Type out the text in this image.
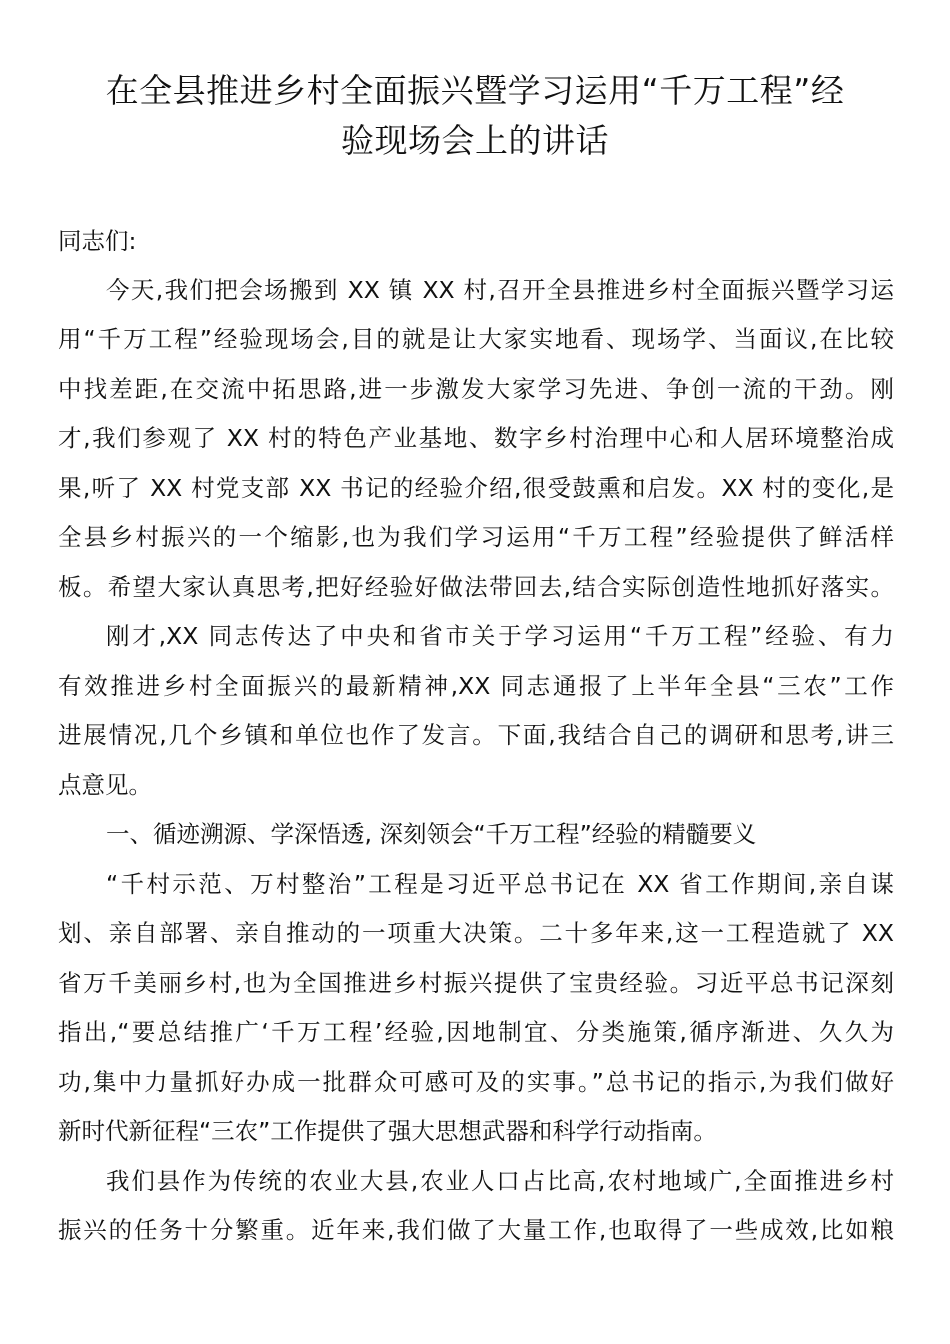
在全县推进乡村全面振兴暨学习运用“千万工程”经
验现场会上的讲话
同志们:
今天,我们把会场搬到 XX 镇 XX 村,召开全县推进乡村全面振兴暨学习运
用“千万工程”经验现场会,目的就是让大家实地看、现场学、当面议,在比较
中找差距,在交流中拓思路,进一步激发大家学习先进、争创一流的干劲。刚
才,我们参观了 XX 村的特色产业基地、数字乡村治理中心和人居环境整治成
果,听了 XX 村党支部 XX 书记的经验介绍,很受鼓熏和启发。XX 村的变化,是
全县乡村振兴的一个缩影,也为我们学习运用“千万工程”经验提供了鲜活样
板。希望大家认真思考,把好经验好做法带回去,结合实际创造性地抓好落实。
刚才,XX 同志传达了中央和省市关于学习运用“千万工程”经验、有力
有效推进乡村全面振兴的最新精神,XX 同志通报了上半年全县“三农”工作
进展情况,几个乡镇和单位也作了发言。下面,我结合自己的调研和思考,讲三
点意见。
一、循迹溯源、学深悟透, 深刻领会“千万工程”经验的精髓要义
“千村示范、万村整治”工程是习近平总书记在 XX 省工作期间,亲自谋
划、亲自部署、亲自推动的一项重大决策。二十多年来,这一工程造就了 XX
省万千美丽乡村,也为全国推进乡村振兴提供了宝贵经验。习近平总书记深刻
指出,“要总结推广‘千万工程’经验,因地制宜、分类施策,循序渐进、久久为
功,集中力量抓好办成一批群众可感可及的实事。”总书记的指示,为我们做好
新时代新征程“三农”工作提供了强大思想武器和科学行动指南。
我们县作为传统的农业大县,农业人口占比高,农村地域广,全面推进乡村
振兴的任务十分繁重。近年来,我们做了大量工作,也取得了一些成效,比如粮
